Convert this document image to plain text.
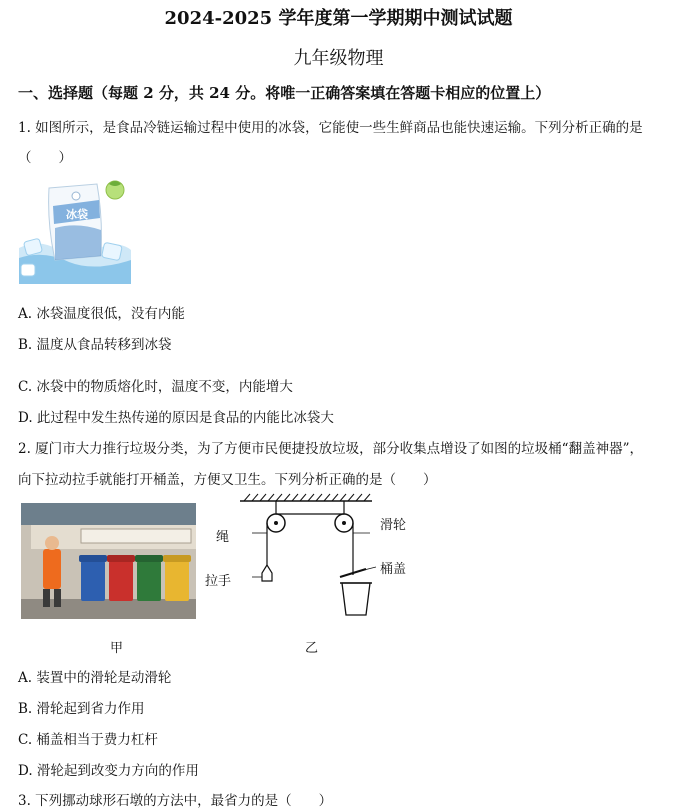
2024-2025 学年度第一学期期中测试试题
九年级物理
一、选择题（每题 2 分，共 24 分。将唯一正确答案填在答题卡相应的位置上）
1. 如图所示，是食品冷链运输过程中使用的冰袋，它能使一些生鲜商品也能快速运输。下列分析正确的是
（　　）
冰袋
A. 冰袋温度很低，没有内能
B. 温度从食品转移到冰袋
C. 冰袋中的物质熔化时，温度不变，内能增大
D. 此过程中发生热传递的原因是食品的内能比冰袋大
2. 厦门市大力推行垃圾分类，为了方便市民便捷投放垃圾，部分收集点增设了如图的垃圾桶“翻盖神器”，
向下拉动拉手就能打开桶盖，方便又卫生。下列分析正确的是（　　）
甲
绳
拉手
滑轮
桶盖
乙
A. 装置中的滑轮是动滑轮
B. 滑轮起到省力作用
C. 桶盖相当于费力杠杆
D. 滑轮起到改变力方向的作用
3. 下列挪动球形石墩的方法中，最省力的是（　　）
